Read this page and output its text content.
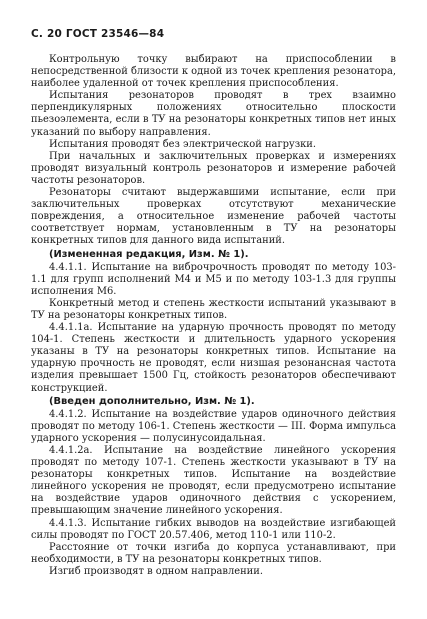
С. 20 ГОСТ 23546—84

Контрольную точку выбирают на приспособлении в непосредственной близости к одной из точек крепления резонатора, наиболее удаленной от точек крепления приспособления.

Испытания резонаторов проводят в трех взаимно перпендикулярных положениях относительно плоскости пьезоэлемента, если в ТУ на резонаторы конкретных типов нет иных указаний по выбору направления.

Испытания проводят без электрической нагрузки.

При начальных и заключительных проверках и измерениях проводят визуальный контроль резонаторов и измерение рабочей частоты резонаторов.

Резонаторы считают выдержавшими испытание, если при заключительных проверках отсутствуют механические повреждения, а относительное изменение рабочей частоты соответствует нормам, установленным в ТУ на резонаторы конкретных типов для данного вида испытаний.

(Измененная редакция, Изм. № 1).

4.4.1.1. Испытание на виброчрочность проводят по методу 103-1.1 для групп исполнений М4 и М5 и по методу 103-1.3 для группы исполнения М6.

Конкретный метод и степень жесткости испытаний указывают в ТУ на резонаторы конкретных типов.

4.4.1.1а. Испытание на ударную прочность проводят по методу 104-1. Степень жесткости и длительность ударного ускорения указаны в ТУ на резонаторы конкретных типов. Испытание на ударную прочность не проводят, если низшая резонансная частота изделия превышает 1500 Гц, стойкость резонаторов обеспечивают конструкцией.

(Введен дополнительно, Изм. № 1).

4.4.1.2. Испытание на воздействие ударов одиночного действия проводят по методу 106-1. Степень жесткости — III. Форма импульса ударного ускорения — полусинусоидальная.

4.4.1.2а. Испытание на воздействие линейного ускорения проводят по методу 107-1. Степень жесткости указывают в ТУ на резонаторы конкретных типов. Испытание на воздействие линейного ускорения не проводят, если предусмотрено испытание на воздействие ударов одиночного действия с ускорением, превышающим значение линейного ускорения.

4.4.1.3. Испытание гибких выводов на воздействие изгибающей силы проводят по ГОСТ 20.57.406, метод 110-1 или 110-2.

Расстояние от точки изгиба до корпуса устанавливают, при необходимости, в ТУ на резонаторы конкретных типов.

Изгиб производят в одном направлении.
